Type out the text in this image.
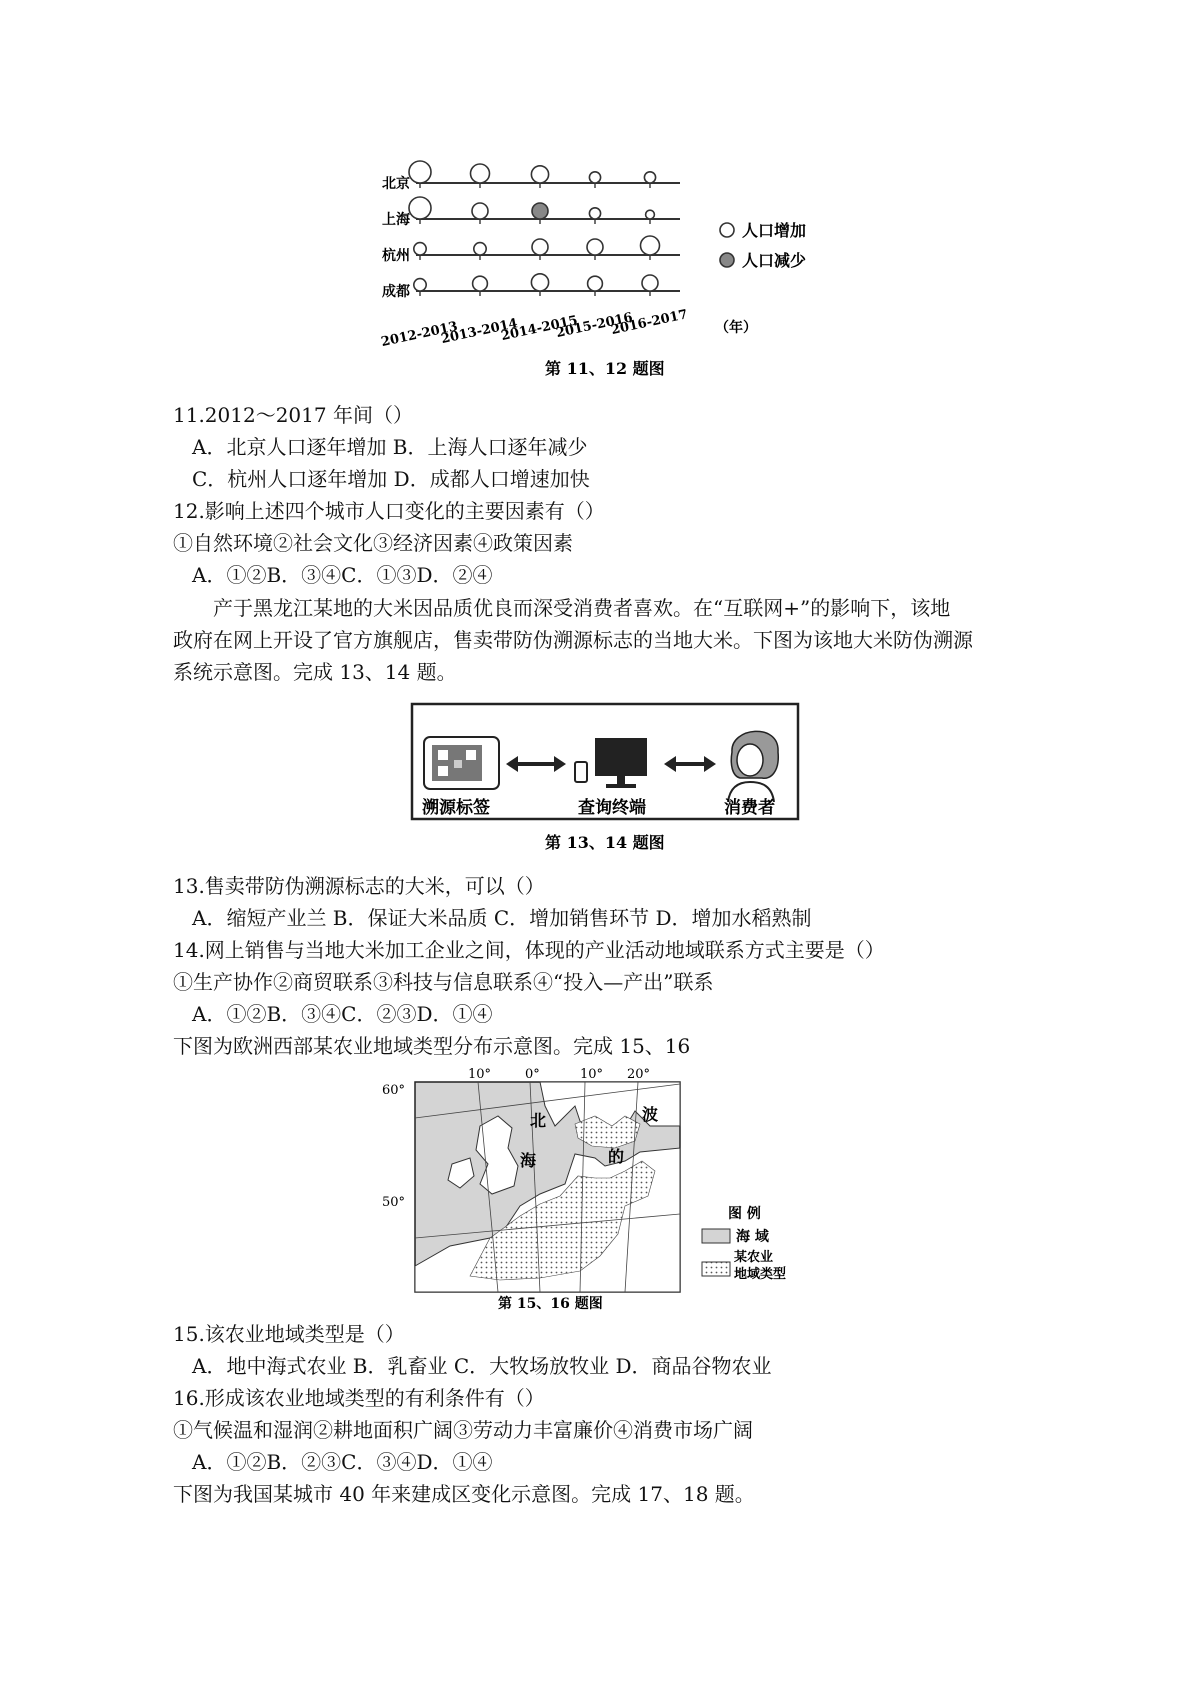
北京
上海
杭州
成都
人口增加
人口减少
2012-2013
2013-2014
2014-2015
2015-2016
2016-2017 （年）
第 11、12 题图
11.2012～2017 年间（）
A．北京人口逐年增加 B．上海人口逐年减少
C．杭州人口逐年增加 D．成都人口增速加快
12.影响上述四个城市人口变化的主要因素有（）
①自然环境②社会文化③经济因素④政策因素
A．①②B．③④C．①③D．②④

产于黑龙江某地的大米因品质优良而深受消费者喜欢。在“互联网+”的影响下，该地

政府在网上开设了官方旗舰店，售卖带防伪溯源标志的当地大米。下图为该地大米防伪溯源

系统示意图。完成 13、14 题。

溯源标签	查询终端	消费者
第 13、14 题图
13.售卖带防伪溯源标志的大米，可以（）
A．缩短产业兰 B．保证大米品质 C．增加销售环节 D．增加水稻熟制
14.网上销售与当地大米加工企业之间，体现的产业活动地域联系方式主要是（）
①生产协作②商贸联系③科技与信息联系④“投入—产出”联系
A．①②B．③④C．②③D．①④
下图为欧洲西部某农业地域类型分布示意图。完成 15、16
10°	0°	10° 20°
60°
50°
北
海
波
的
图 例
海 域
某农业
地域类型
第 15、16 题图
15.该农业地域类型是（）
A．地中海式农业 B．乳畜业 C．大牧场放牧业 D．商品谷物农业
16.形成该农业地域类型的有利条件有（）
①气候温和湿润②耕地面积广阔③劳动力丰富廉价④消费市场广阔
A．①②B．②③C．③④D．①④
下图为我国某城市 40 年来建成区变化示意图。完成 17、18 题。
